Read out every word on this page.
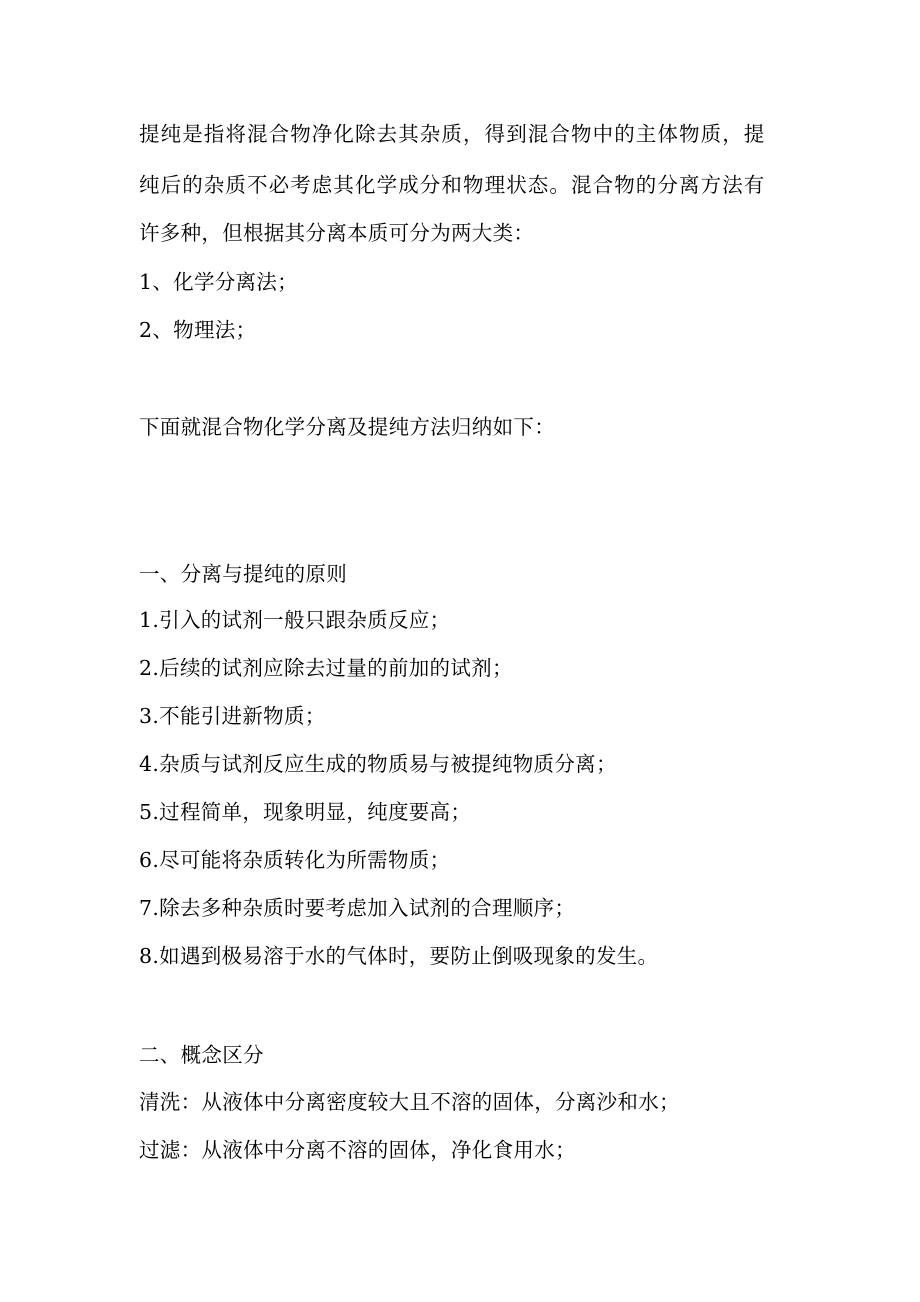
提纯是指将混合物净化除去其杂质，得到混合物中的主体物质，提
纯后的杂质不必考虑其化学成分和物理状态。混合物的分离方法有
许多种，但根据其分离本质可分为两大类：
1、化学分离法；
2、物理法；
下面就混合物化学分离及提纯方法归纳如下：
一、分离与提纯的原则
1.引入的试剂一般只跟杂质反应；
2.后续的试剂应除去过量的前加的试剂；
3.不能引进新物质；
4.杂质与试剂反应生成的物质易与被提纯物质分离；
5.过程简单，现象明显，纯度要高；
6.尽可能将杂质转化为所需物质；
7.除去多种杂质时要考虑加入试剂的合理顺序；
8.如遇到极易溶于水的气体时，要防止倒吸现象的发生。
二、概念区分
清洗：从液体中分离密度较大且不溶的固体，分离沙和水；
过滤：从液体中分离不溶的固体，净化食用水；
